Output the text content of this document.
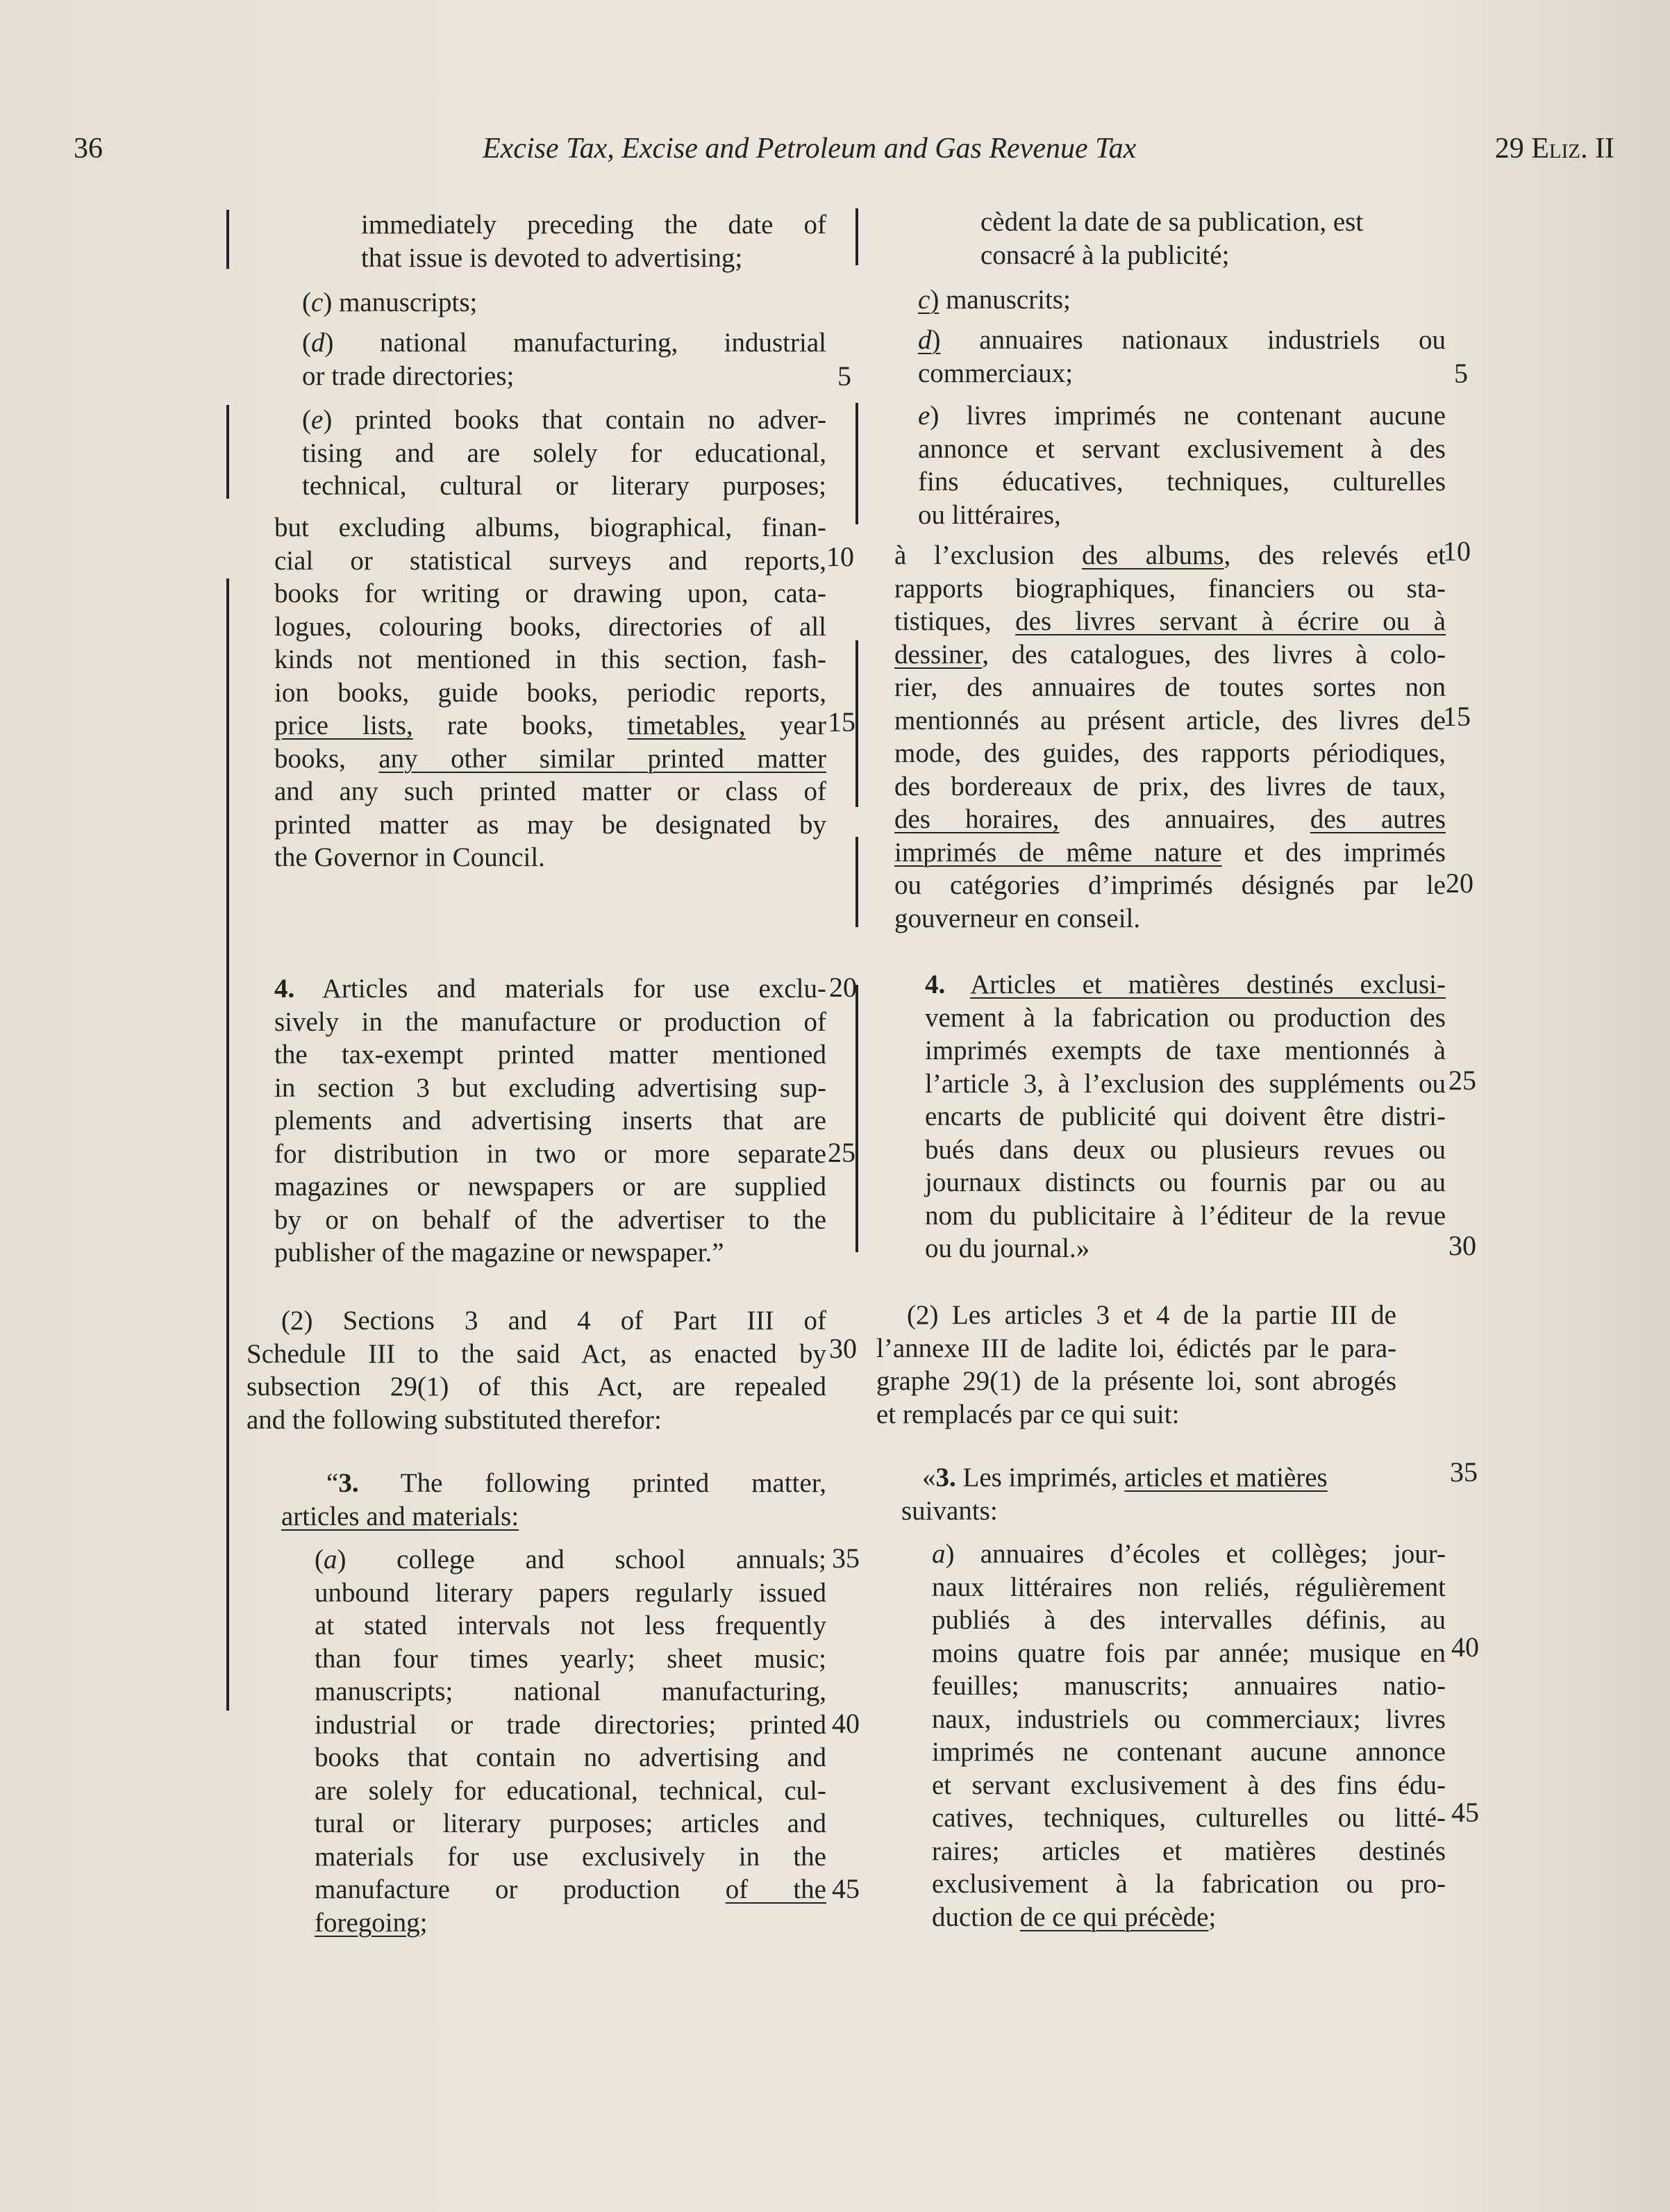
36	Excise Tax, Excise and Petroleum and Gas Revenue Tax	29 Eliz. II
immediately preceding the date of
that issue is devoted to advertising;
(c) manuscripts;
(d) national manufacturing, industrial
or trade directories;
(e) printed books that contain no adver-
tising and are solely for educational,
technical, cultural or literary purposes;
but excluding albums, biographical, finan-
cial or statistical surveys and reports,
books for writing or drawing upon, cata-
logues, colouring books, directories of all
kinds not mentioned in this section, fash-
ion books, guide books, periodic reports,
price lists, rate books, timetables, year
books, any other similar printed matter
and any such printed matter or class of
printed matter as may be designated by
the Governor in Council.
4. Articles and materials for use exclu-
sively in the manufacture or production of
the tax-exempt printed matter mentioned
in section 3 but excluding advertising sup-
plements and advertising inserts that are
for distribution in two or more separate
magazines or newspapers or are supplied
by or on behalf of the advertiser to the
publisher of the magazine or newspaper.”
(2) Sections 3 and 4 of Part III of
Schedule III to the said Act, as enacted by
subsection 29(1) of this Act, are repealed
and the following substituted therefor:
“3. The following printed matter,
articles and materials:
(a) college and school annuals;
unbound literary papers regularly issued
at stated intervals not less frequently
than four times yearly; sheet music;
manuscripts; national manufacturing,
industrial or trade directories; printed
books that contain no advertising and
are solely for educational, technical, cul-
tural or literary purposes; articles and
materials for use exclusively in the
manufacture or production of the
foregoing;
cèdent la date de sa publication, est
consacré à la publicité;
c) manuscrits;
d) annuaires nationaux industriels ou
commerciaux;
e) livres imprimés ne contenant aucune
annonce et servant exclusivement à des
fins éducatives, techniques, culturelles
ou littéraires,
à l’exclusion des albums, des relevés et
rapports biographiques, financiers ou sta-
tistiques, des livres servant à écrire ou à
dessiner, des catalogues, des livres à colo-
rier, des annuaires de toutes sortes non
mentionnés au présent article, des livres de
mode, des guides, des rapports périodiques,
des bordereaux de prix, des livres de taux,
des horaires, des annuaires, des autres
imprimés de même nature et des imprimés
ou catégories d’imprimés désignés par le
gouverneur en conseil.
4. Articles et matières destinés exclusi-
vement à la fabrication ou production des
imprimés exempts de taxe mentionnés à
l’article 3, à l’exclusion des suppléments ou
encarts de publicité qui doivent être distri-
bués dans deux ou plusieurs revues ou
journaux distincts ou fournis par ou au
nom du publicitaire à l’éditeur de la revue
ou du journal.»
(2) Les articles 3 et 4 de la partie III de
l’annexe III de ladite loi, édictés par le para-
graphe 29(1) de la présente loi, sont abrogés
et remplacés par ce qui suit:
«3. Les imprimés, articles et matières
suivants:
a) annuaires d’écoles et collèges; jour-
naux littéraires non reliés, régulièrement
publiés à des intervalles définis, au
moins quatre fois par année; musique en
feuilles; manuscrits; annuaires natio-
naux, industriels ou commerciaux; livres
imprimés ne contenant aucune annonce
et servant exclusivement à des fins édu-
catives, techniques, culturelles ou litté-
raires; articles et matières destinés
exclusivement à la fabrication ou pro-
duction de ce qui précède;
5
10
15
20
25
30
35
40
45
5
10
15
20
25
30
35
40
45
